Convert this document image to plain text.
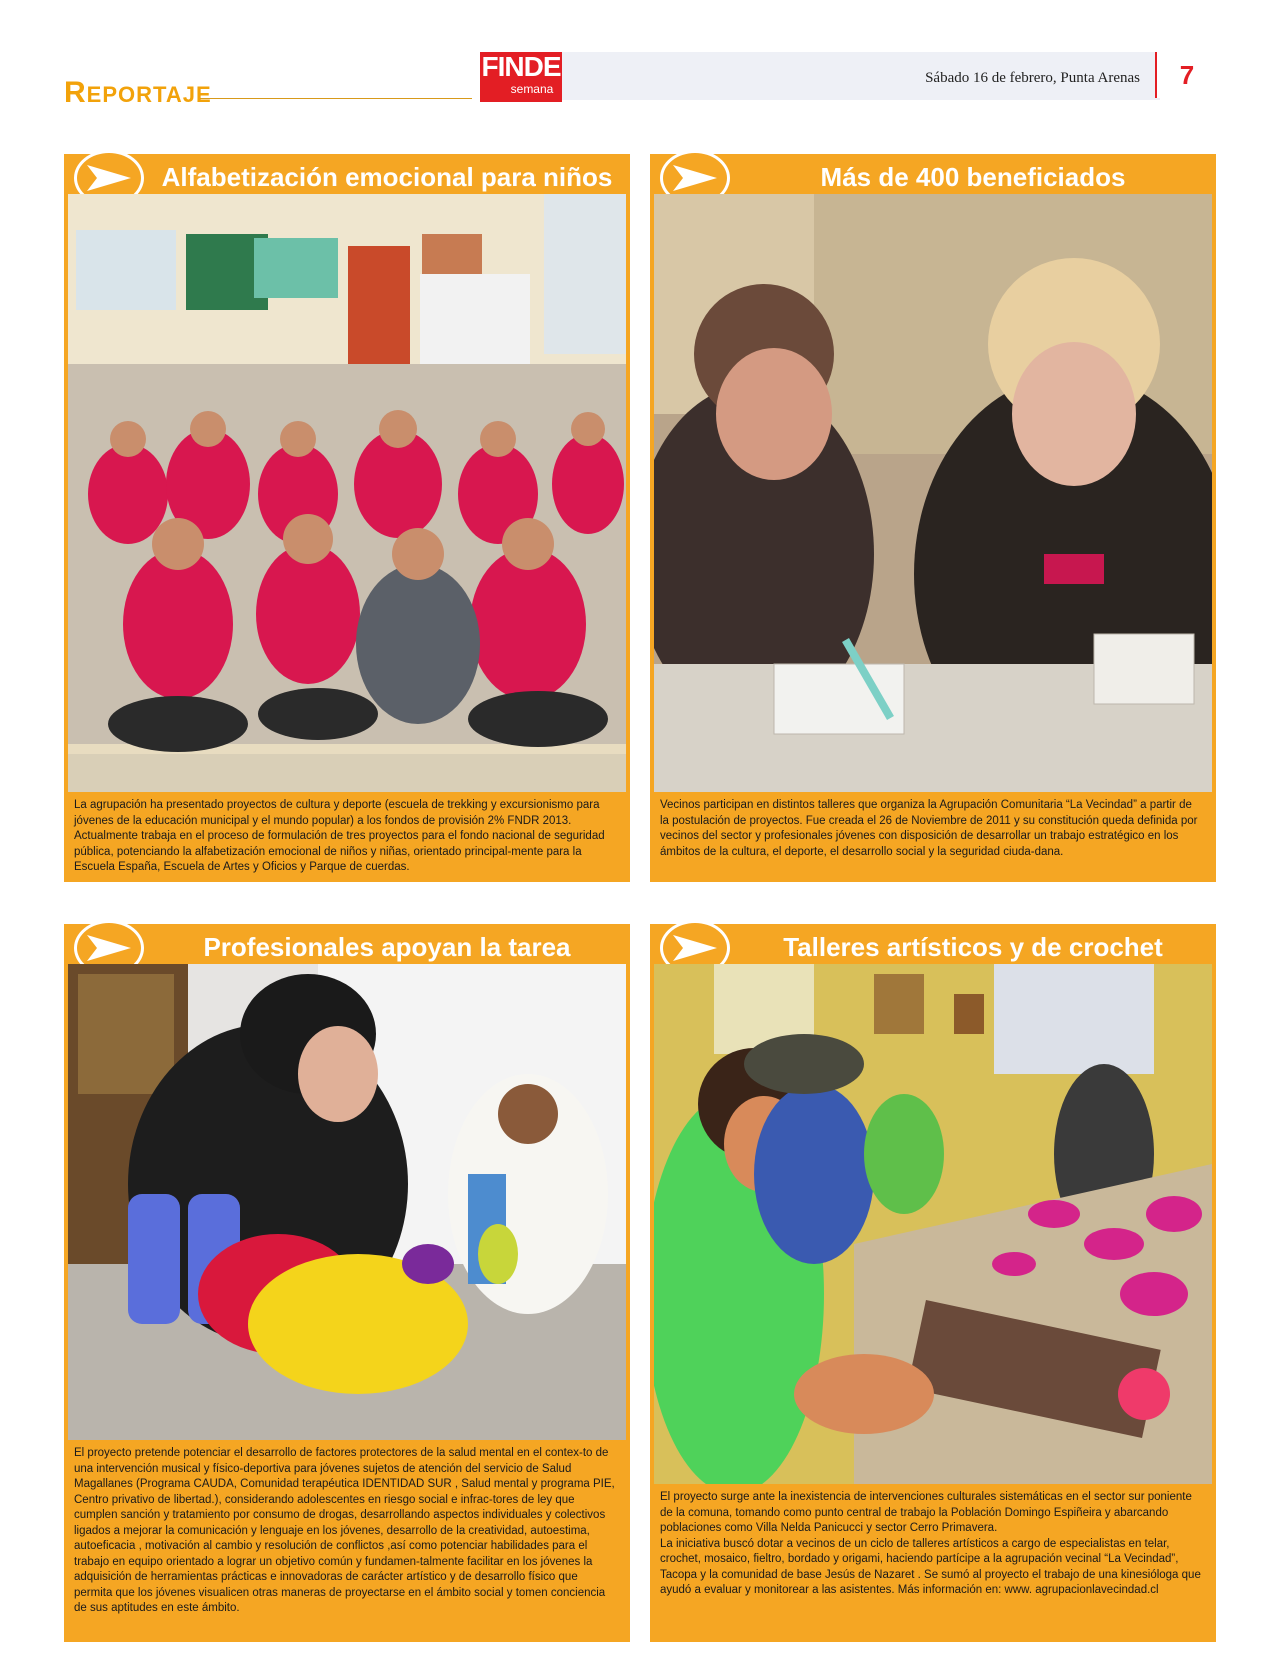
REPORTAJE
FINDE
semana
Sábado 16 de febrero, Punta Arenas	7
Alfabetización emocional para niños

La agrupación ha presentado proyectos de cultura y deporte (escuela de trekking y excursionismo para jóvenes de la educación municipal y el mundo popular) a los fondos de provisión 2% FNDR 2013. Actualmente trabaja en el proceso de formulación de tres proyectos para el fondo nacional de seguridad pública, potenciando la alfabetización emocional de niños y niñas, orientado principal-mente para la Escuela España, Escuela de Artes y Oficios y Parque de cuerdas.

Más de 400 beneficiados

Vecinos participan en distintos talleres que organiza la Agrupación Comunitaria “La Vecindad” a partir de la postulación de proyectos. Fue creada el 26 de Noviembre de 2011 y su constitución queda definida por vecinos del sector y profesionales jóvenes con disposición de desarrollar un trabajo estratégico en los ámbitos de la cultura, el deporte, el desarrollo social y la seguridad ciuda-dana.

Profesionales apoyan la tarea

El proyecto pretende potenciar el desarrollo de factores protectores de la salud mental en el contex-to de una intervención musical y físico-deportiva para jóvenes sujetos de atención del servicio de Salud Magallanes (Programa CAUDA, Comunidad terapéutica IDENTIDAD SUR , Salud mental y programa PIE, Centro privativo de libertad.), considerando adolescentes en riesgo social e infrac-tores de ley que cumplen sanción y tratamiento por consumo de drogas, desarrollando aspectos individuales y colectivos ligados a mejorar la comunicación y lenguaje en los jóvenes, desarrollo de la creatividad, autoestima, autoeficacia , motivación al cambio y resolución de conflictos ,así como potenciar habilidades para el trabajo en equipo orientado a lograr un objetivo común y fundamen-talmente facilitar en los jóvenes la adquisición de herramientas prácticas e innovadoras de carácter artístico y de desarrollo físico que permita que los jóvenes visualicen otras maneras de proyectarse en el ámbito social y tomen conciencia de sus aptitudes en este ámbito.

Talleres artísticos y de crochet

El proyecto surge ante la inexistencia de intervenciones culturales sistemáticas en el sector sur poniente de la comuna, tomando como punto central de trabajo la Población Domingo Espiñeira y abarcando poblaciones como Villa Nelda Panicucci y sector Cerro Primavera.

La iniciativa buscó dotar a vecinos de un ciclo de talleres artísticos a cargo de especialistas en telar, crochet, mosaico, fieltro, bordado y origami, haciendo partícipe a la agrupación vecinal “La Vecindad”, Tacopa y la comunidad de base Jesús de Nazaret . Se sumó al proyecto el trabajo de una kinesióloga que ayudó a evaluar y monitorear a las asistentes. Más información en: www. agrupacionlavecindad.cl
